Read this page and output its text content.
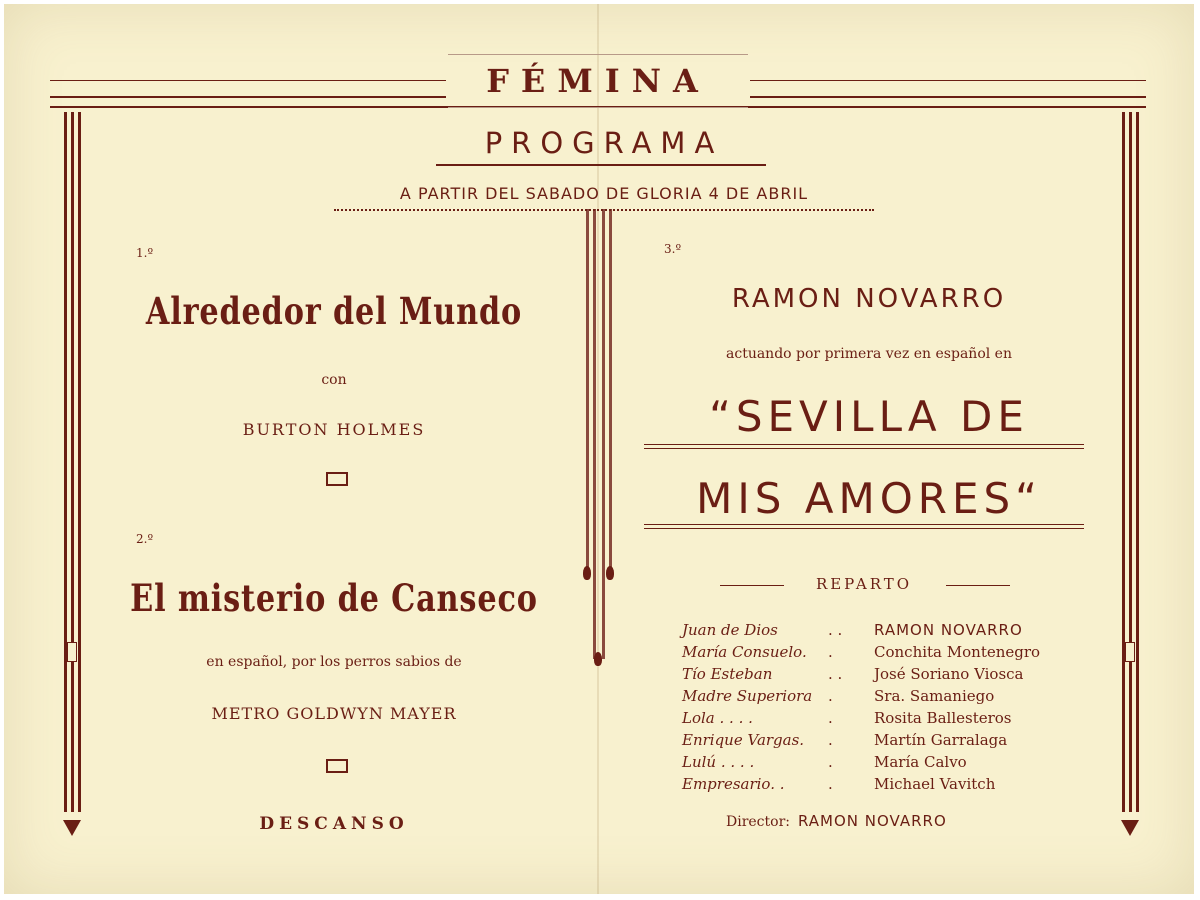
FÉMINA
PROGRAMA
A PARTIR DEL SABADO DE GLORIA 4 DE ABRIL
1.º
Alrededor del Mundo
con
BURTON HOLMES
2.º
El misterio de Canseco
en español, por los perros sabios de
METRO GOLDWYN MAYER
DESCANSO
3.º
RAMON NOVARRO
actuando por primera vez en español en
“SEVILLA DE
MIS AMORES“
REPARTO
Juan de Dios	. .	RAMON NOVARRO
María Consuelo.	.	Conchita Montenegro
Tío Esteban	. .	José Soriano Viosca
Madre Superiora	.	Sra. Samaniego
Lola . . . .	.	Rosita Ballesteros
Enrique Vargas.	.	Martín Garralaga
Lulú . . . .	.	María Calvo
Empresario. .	.	Michael Vavitch
Director: RAMON NOVARRO
